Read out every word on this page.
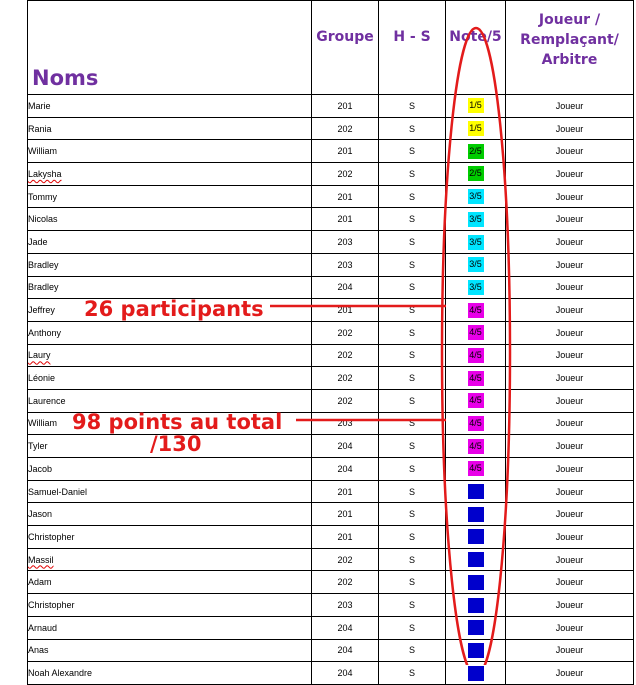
Noms	Groupe	H - S	Note/5	Joueur /
Remplaçant/
Arbitre

Marie	201	S	1/5	Joueur
Rania	202	S	1/5	Joueur
William	201	S	2/5	Joueur
Lakysha	202	S	2/5	Joueur
Tommy	201	S	3/5	Joueur
Nicolas	201	S	3/5	Joueur
Jade	203	S	3/5	Joueur
Bradley	203	S	3/5	Joueur
Bradley	204	S	3/5	Joueur
Jeffrey	201	S	4/5	Joueur
Anthony	202	S	4/5	Joueur
Laury	202	S	4/5	Joueur
Léonie	202	S	4/5	Joueur
Laurence	202	S	4/5	Joueur
William	203	S	4/5	Joueur
Tyler	204	S	4/5	Joueur
Jacob	204	S	4/5	Joueur
Samuel-Daniel	201	S		Joueur
Jason	201	S		Joueur
Christopher	201	S		Joueur
Massil	202	S		Joueur
Adam	202	S		Joueur
Christopher	203	S		Joueur
Arnaud	204	S		Joueur
Anas	204	S		Joueur
Noah Alexandre	204	S		Joueur
26 participants
98 points au total
/130
